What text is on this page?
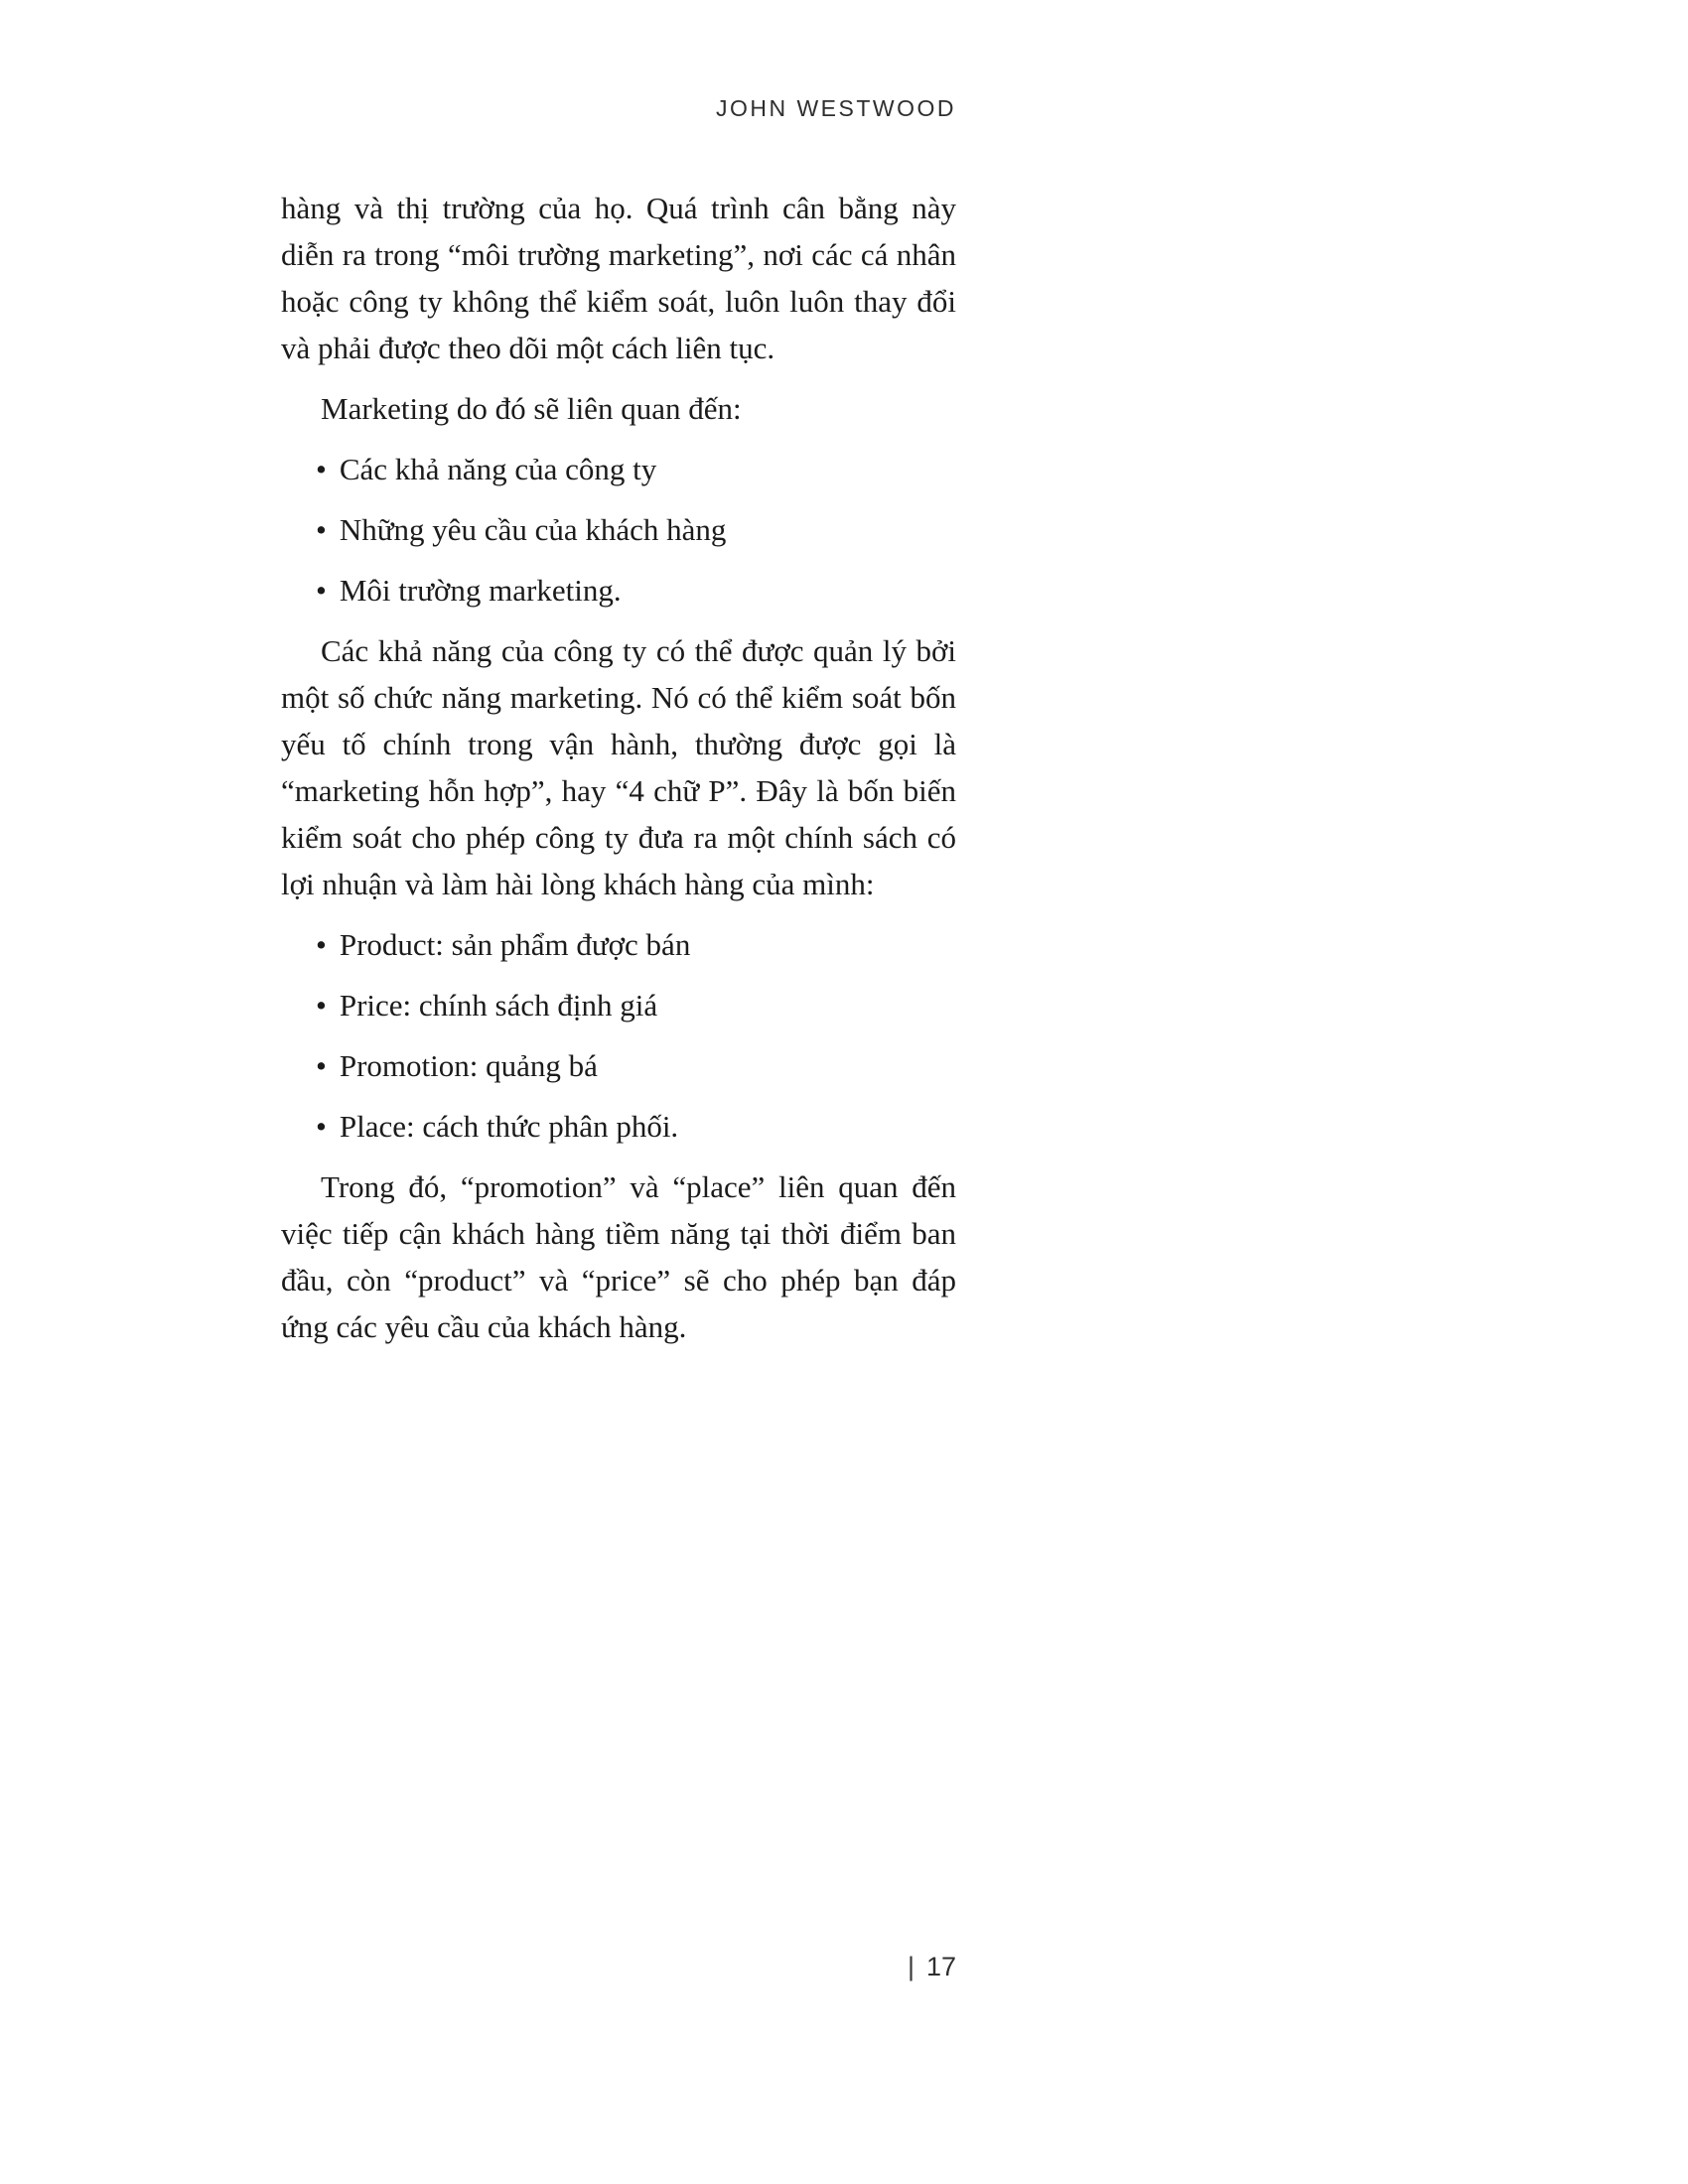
JOHN WESTWOOD

hàng và thị trường của họ. Quá trình cân bằng này diễn ra trong “môi trường marketing”, nơi các cá nhân hoặc công ty không thể kiểm soát, luôn luôn thay đổi và phải được theo dõi một cách liên tục.

Marketing do đó sẽ liên quan đến:

• Các khả năng của công ty
• Những yêu cầu của khách hàng
• Môi trường marketing.

Các khả năng của công ty có thể được quản lý bởi một số chức năng marketing. Nó có thể kiểm soát bốn yếu tố chính trong vận hành, thường được gọi là “marketing hỗn hợp”, hay “4 chữ P”. Đây là bốn biến kiểm soát cho phép công ty đưa ra một chính sách có lợi nhuận và làm hài lòng khách hàng của mình:

• Product: sản phẩm được bán
• Price: chính sách định giá
• Promotion: quảng bá
• Place: cách thức phân phối.

Trong đó, “promotion” và “place” liên quan đến việc tiếp cận khách hàng tiềm năng tại thời điểm ban đầu, còn “product” và “price” sẽ cho phép bạn đáp ứng các yêu cầu của khách hàng.

| 17
